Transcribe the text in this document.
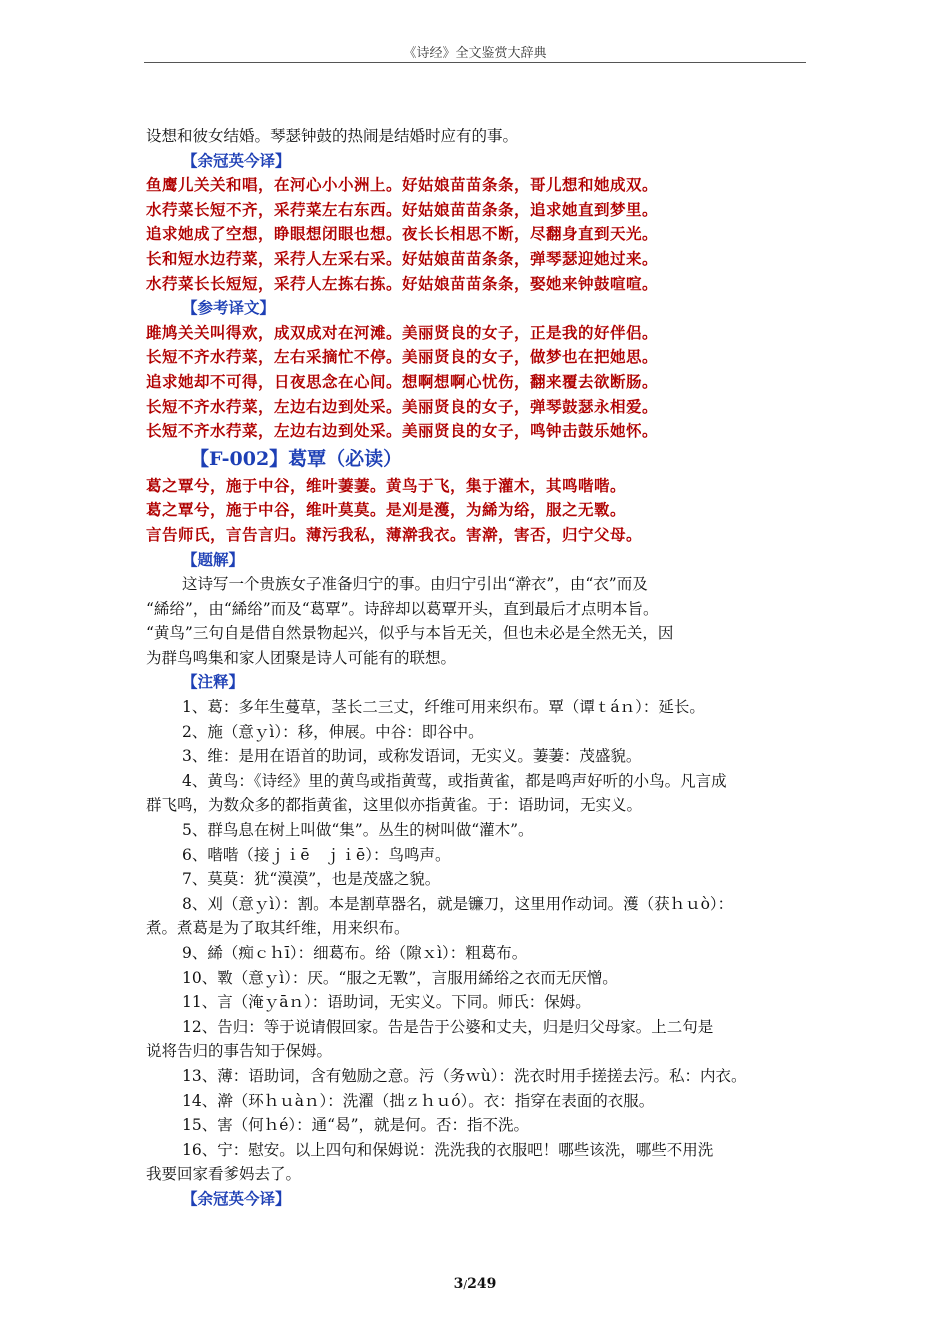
《诗经》全文鉴赏大辞典
设想和彼女结婚。琴瑟钟鼓的热闹是结婚时应有的事。
【余冠英今译】
鱼鹰儿关关和唱，在河心小小洲上。好姑娘苗苗条条，哥儿想和她成双。
水荇菜长短不齐，采荇菜左右东西。好姑娘苗苗条条，追求她直到梦里。
追求她成了空想，睁眼想闭眼也想。夜长长相思不断，尽翻身直到天光。
长和短水边荇菜，采荇人左采右采。好姑娘苗苗条条，弹琴瑟迎她过来。
水荇菜长长短短，采荇人左拣右拣。好姑娘苗苗条条，娶她来钟鼓喧喧。
【参考译文】
雎鸠关关叫得欢，成双成对在河滩。美丽贤良的女子，正是我的好伴侣。
长短不齐水荇菜，左右采摘忙不停。美丽贤良的女子，做梦也在把她思。
追求她却不可得，日夜思念在心间。想啊想啊心忧伤，翻来覆去欲断肠。
长短不齐水荇菜，左边右边到处采。美丽贤良的女子，弹琴鼓瑟永相爱。
长短不齐水荇菜，左边右边到处采。美丽贤良的女子，鸣钟击鼓乐她怀。
【F-002】葛覃（必读）
葛之覃兮，施于中谷，维叶萋萋。黄鸟于飞，集于灌木，其鸣喈喈。
葛之覃兮，施于中谷，维叶莫莫。是刈是濩，为絺为绤，服之无斁。
言告师氏，言告言归。薄污我私，薄澣我衣。害澣，害否，归宁父母。
【题解】
这诗写一个贵族女子准备归宁的事。由归宁引出“澣衣”，由“衣”而及
“絺绤”，由“絺绤”而及“葛覃”。诗辞却以葛覃开头，直到最后才点明本旨。
“黄鸟”三句自是借自然景物起兴，似乎与本旨无关，但也未必是全然无关，因
为群鸟鸣集和家人团聚是诗人可能有的联想。
【注释】
1、葛：多年生蔓草，茎长二三丈，纤维可用来织布。覃（谭ｔáｎ）：延长。
2、施（意ｙì）：移，伸展。中谷：即谷中。
3、维：是用在语首的助词，或称发语词，无实义。萋萋：茂盛貌。
4、黄鸟：《诗经》里的黄鸟或指黄莺，或指黄雀，都是鸣声好听的小鸟。凡言成
群飞鸣，为数众多的都指黄雀，这里似亦指黄雀。于：语助词，无实义。
5、群鸟息在树上叫做“集”。丛生的树叫做“灌木”。
6、喈喈（接ｊｉē　ｊｉē）：鸟鸣声。
7、莫莫：犹“漠漠”，也是茂盛之貌。
8、刈（意ｙì）：割。本是割草器名，就是镰刀，这里用作动词。濩（获ｈｕò）：
煮。煮葛是为了取其纤维，用来织布。
9、絺（痴ｃｈī）：细葛布。绤（隙ｘì）：粗葛布。
10、斁（意ｙì）：厌。“服之无斁”，言服用絺绤之衣而无厌憎。
11、言（淹ｙāｎ）：语助词，无实义。下同。师氏：保姆。
12、告归：等于说请假回家。告是告于公婆和丈夫，归是归父母家。上二句是
说将告归的事告知于保姆。
13、薄：语助词，含有勉励之意。污（务ｗù）：洗衣时用手搓搓去污。私：内衣。
14、澣（环ｈｕàｎ）：洗濯（拙ｚｈｕó）。衣：指穿在表面的衣服。
15、害（何ｈé）：通“曷”，就是何。否：指不洗。
16、宁：慰安。以上四句和保姆说：洗洗我的衣服吧！哪些该洗，哪些不用洗
我要回家看爹妈去了。
【余冠英今译】
3/249
